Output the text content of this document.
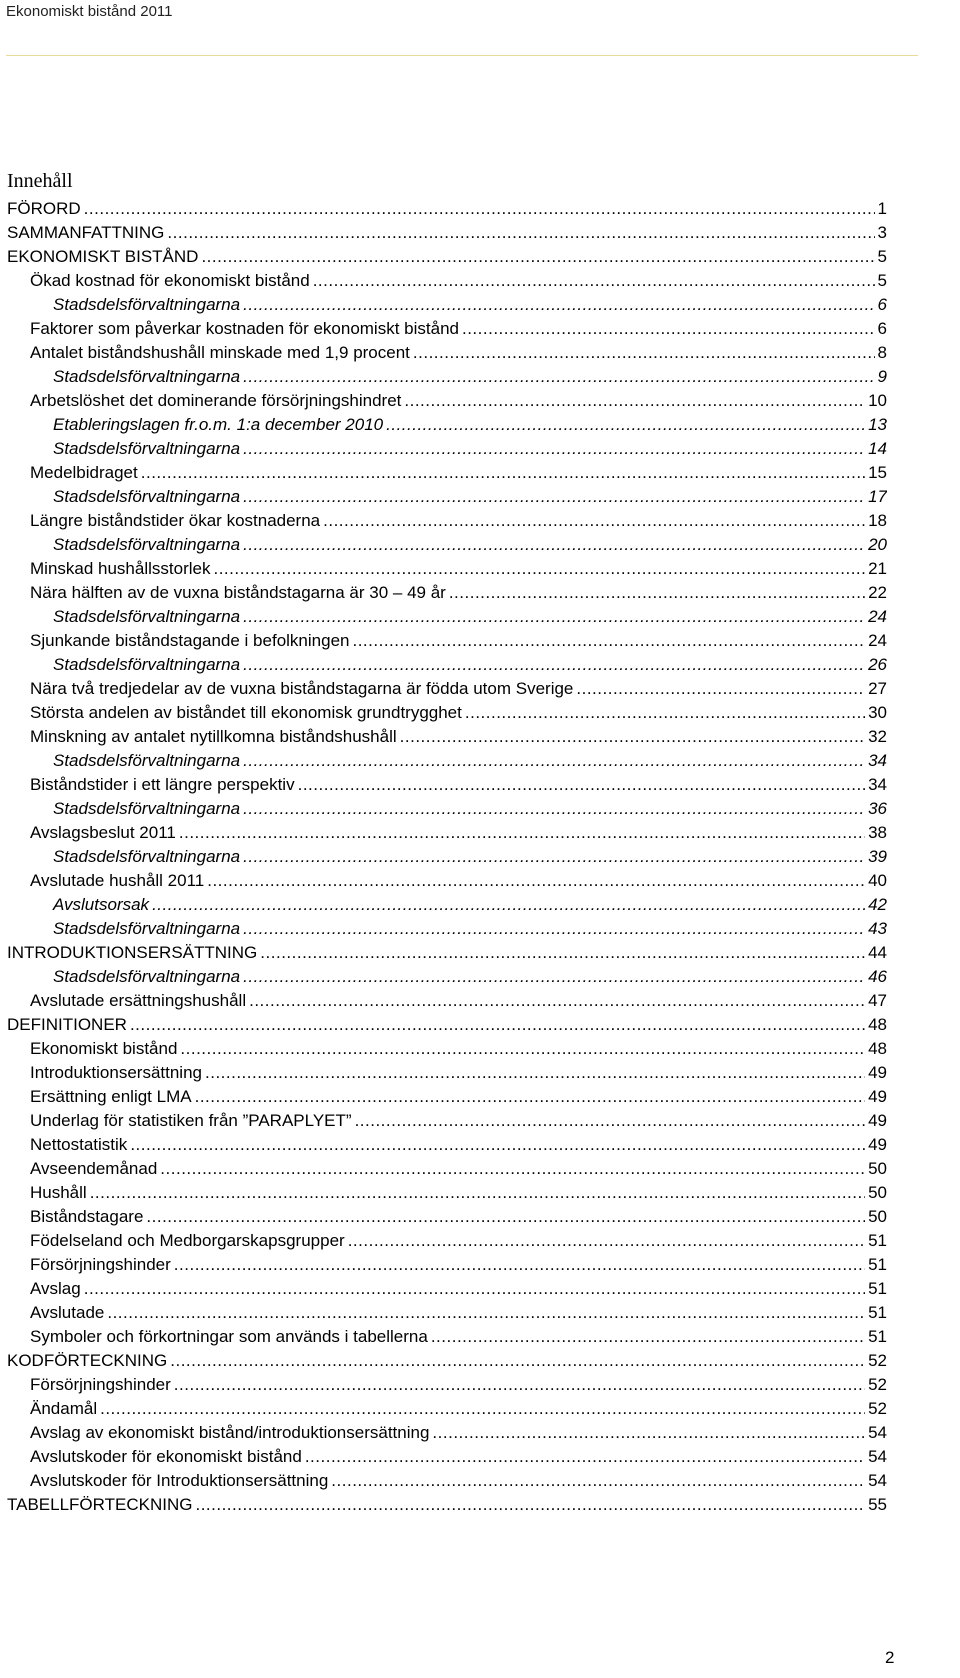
Ekonomiskt bistånd 2011
Innehåll
FÖRORD .....	1
SAMMANFATTNING .....	3
EKONOMISKT BISTÅND .....	5
Ökad kostnad för ekonomiskt bistånd .....	5
Stadsdelsförvaltningarna .....	6
Faktorer som påverkar kostnaden för ekonomiskt bistånd .....	6
Antalet biståndshushåll minskade med 1,9 procent .....	8
Stadsdelsförvaltningarna .....	9
Arbetslöshet det dominerande försörjningshindret .....	10
Etableringslagen fr.o.m. 1:a december 2010 .....	13
Stadsdelsförvaltningarna .....	14
Medelbidraget .....	15
Stadsdelsförvaltningarna .....	17
Längre biståndstider ökar kostnaderna .....	18
Stadsdelsförvaltningarna .....	20
Minskad hushållsstorlek .....	21
Nära hälften av de vuxna biståndstagarna är 30 – 49 år .....	22
Stadsdelsförvaltningarna .....	24
Sjunkande biståndstagande i befolkningen .....	24
Stadsdelsförvaltningarna .....	26
Nära två tredjedelar av de vuxna biståndstagarna är födda utom Sverige .....	27
Största andelen av biståndet till ekonomisk grundtrygghet .....	30
Minskning av antalet nytillkomna biståndshushåll .....	32
Stadsdelsförvaltningarna .....	34
Biståndstider i ett längre perspektiv .....	34
Stadsdelsförvaltningarna .....	36
Avslagsbeslut 2011 .....	38
Stadsdelsförvaltningarna .....	39
Avslutade hushåll 2011 .....	40
Avslutsorsak .....	42
Stadsdelsförvaltningarna .....	43
INTRODUKTIONSERSÄTTNING .....	44
Stadsdelsförvaltningarna .....	46
Avslutade ersättningshushåll .....	47
DEFINITIONER .....	48
Ekonomiskt bistånd .....	48
Introduktionsersättning .....	49
Ersättning enligt LMA .....	49
Underlag för statistiken från ”PARAPLYET” .....	49
Nettostatistik .....	49
Avseendemånad .....	50
Hushåll .....	50
Biståndstagare .....	50
Födelseland och Medborgarskapsgrupper .....	51
Försörjningshinder .....	51
Avslag .....	51
Avslutade .....	51
Symboler och förkortningar som används i tabellerna .....	51
KODFÖRTECKNING .....	52
Försörjningshinder .....	52
Ändamål .....	52
Avslag av ekonomiskt bistånd/introduktionsersättning .....	54
Avslutskoder för ekonomiskt bistånd .....	54
Avslutskoder för Introduktionsersättning .....	54
TABELLFÖRTECKNING .....	55
2
